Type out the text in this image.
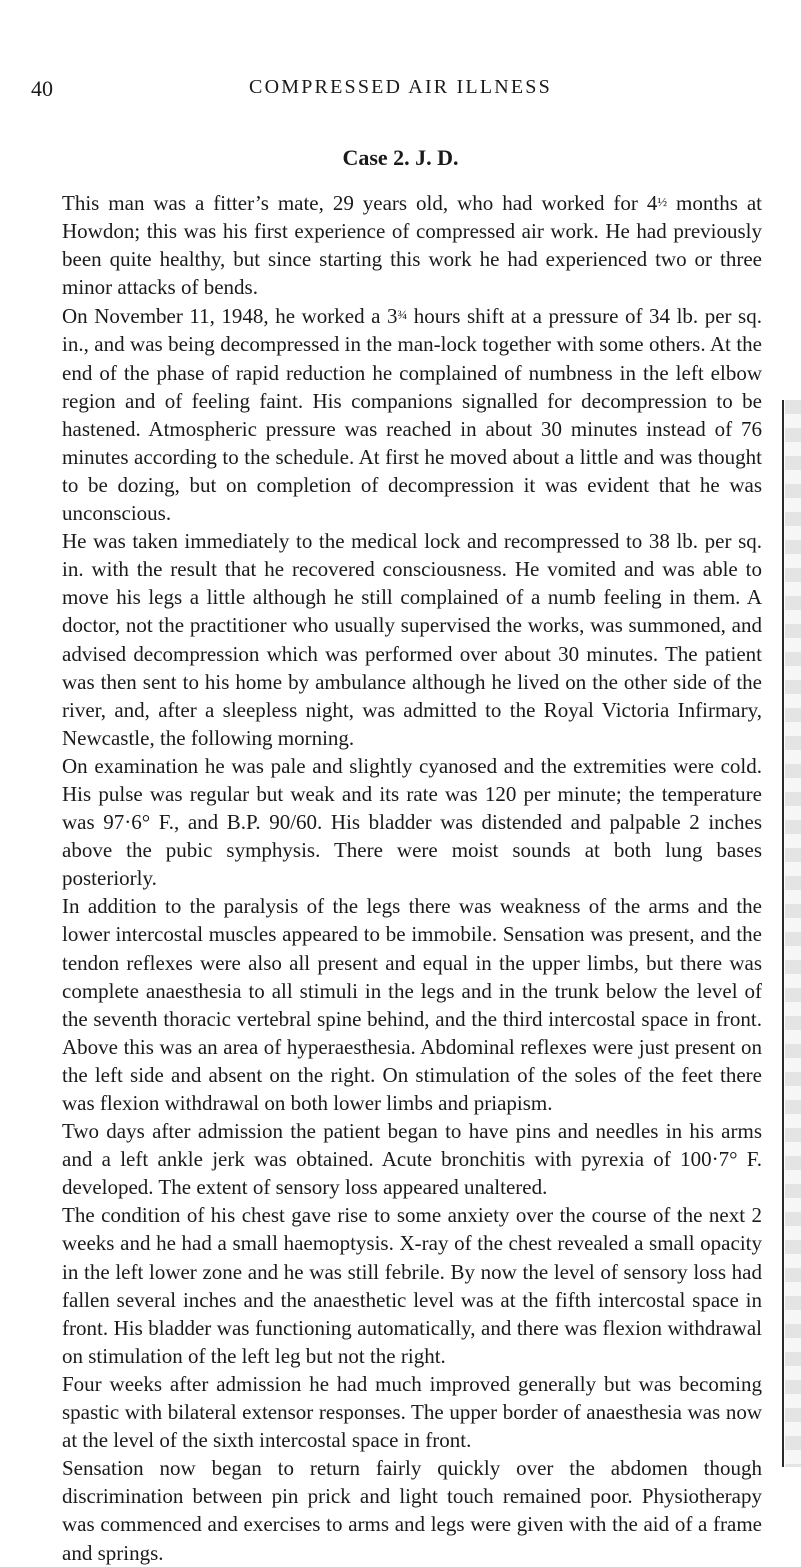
40	COMPRESSED AIR ILLNESS
Case 2. J. D.

This man was a fitter’s mate, 29 years old, who had worked for 4½ months at Howdon; this was his first experience of compressed air work. He had previously been quite healthy, but since starting this work he had experienced two or three minor attacks of bends.

On November 11, 1948, he worked a 3¾ hours shift at a pressure of 34 lb. per sq. in., and was being decompressed in the man-lock together with some others. At the end of the phase of rapid reduction he complained of numbness in the left elbow region and of feeling faint. His companions signalled for decompression to be hastened. Atmospheric pressure was reached in about 30 minutes instead of 76 minutes according to the schedule. At first he moved about a little and was thought to be dozing, but on completion of decompression it was evident that he was unconscious.

He was taken immediately to the medical lock and recompressed to 38 lb. per sq. in. with the result that he recovered consciousness. He vomited and was able to move his legs a little although he still complained of a numb feeling in them. A doctor, not the practitioner who usually supervised the works, was summoned, and advised decompression which was performed over about 30 minutes. The patient was then sent to his home by ambulance although he lived on the other side of the river, and, after a sleepless night, was admitted to the Royal Victoria Infirmary, Newcastle, the following morning.

On examination he was pale and slightly cyanosed and the extremities were cold. His pulse was regular but weak and its rate was 120 per minute; the temperature was 97·6° F., and B.P. 90/60. His bladder was distended and palpable 2 inches above the pubic symphysis. There were moist sounds at both lung bases posteriorly.

In addition to the paralysis of the legs there was weakness of the arms and the lower intercostal muscles appeared to be immobile. Sensation was present, and the tendon reflexes were also all present and equal in the upper limbs, but there was complete anaesthesia to all stimuli in the legs and in the trunk below the level of the seventh thoracic vertebral spine behind, and the third intercostal space in front. Above this was an area of hyperaesthesia. Abdominal reflexes were just present on the left side and absent on the right. On stimulation of the soles of the feet there was flexion withdrawal on both lower limbs and priapism.

Two days after admission the patient began to have pins and needles in his arms and a left ankle jerk was obtained. Acute bronchitis with pyrexia of 100·7° F. developed. The extent of sensory loss appeared unaltered.

The condition of his chest gave rise to some anxiety over the course of the next 2 weeks and he had a small haemoptysis. X-ray of the chest revealed a small opacity in the left lower zone and he was still febrile. By now the level of sensory loss had fallen several inches and the anaesthetic level was at the fifth intercostal space in front. His bladder was functioning automatically, and there was flexion withdrawal on stimulation of the left leg but not the right.

Four weeks after admission he had much improved generally but was becoming spastic with bilateral extensor responses. The upper border of anaesthesia was now at the level of the sixth intercostal space in front.

Sensation now began to return fairly quickly over the abdomen though discrimination between pin prick and light touch remained poor. Physiotherapy was commenced and exercises to arms and legs were given with the aid of a frame and springs.
